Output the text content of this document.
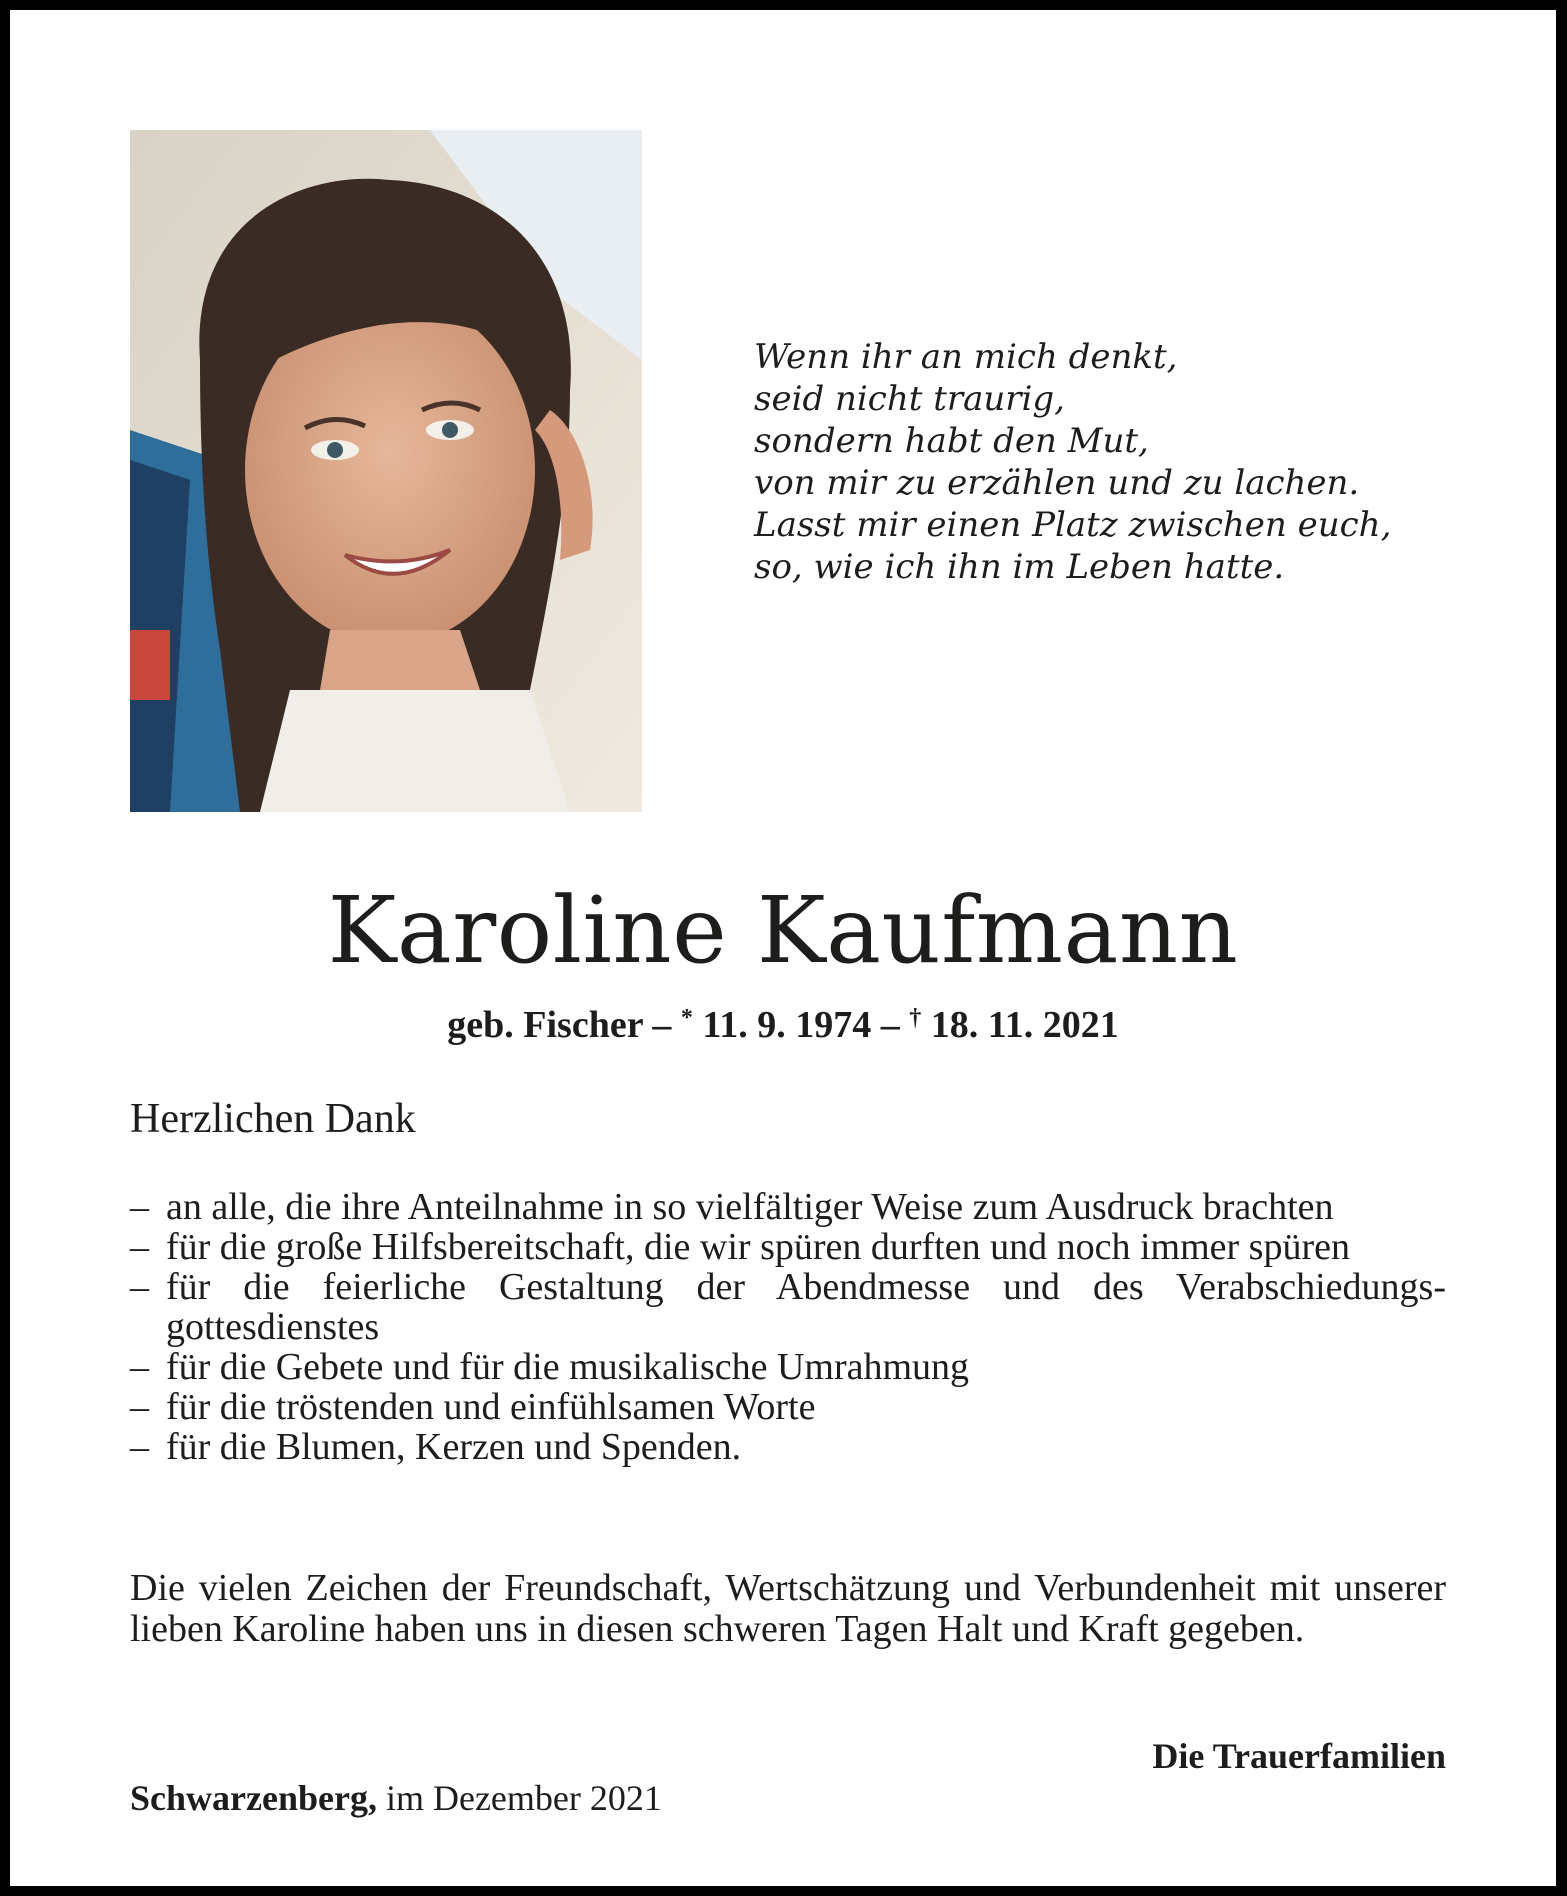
Wenn ihr an mich denkt,
seid nicht traurig,
sondern habt den Mut,
von mir zu erzählen und zu lachen.
Lasst mir einen Platz zwischen euch,
so, wie ich ihn im Leben hatte.
Karoline Kaufmann
geb. Fischer – * 11. 9. 1974 – † 18. 11. 2021
Herzlichen Dank
– an alle, die ihre Anteilnahme in so vielfältiger Weise zum Ausdruck brachten
– für die große Hilfsbereitschaft, die wir spüren durften und noch immer spüren
– für die feierliche Gestaltung der Abendmesse und des Verabschiedungs-gottesdienstes
– für die Gebete und für die musikalische Umrahmung
– für die tröstenden und einfühlsamen Worte
– für die Blumen, Kerzen und Spenden.
Die vielen Zeichen der Freundschaft, Wertschätzung und Verbundenheit mit unserer lieben Karoline haben uns in diesen schweren Tagen Halt und Kraft gegeben.
Die Trauerfamilien
Schwarzenberg, im Dezember 2021
